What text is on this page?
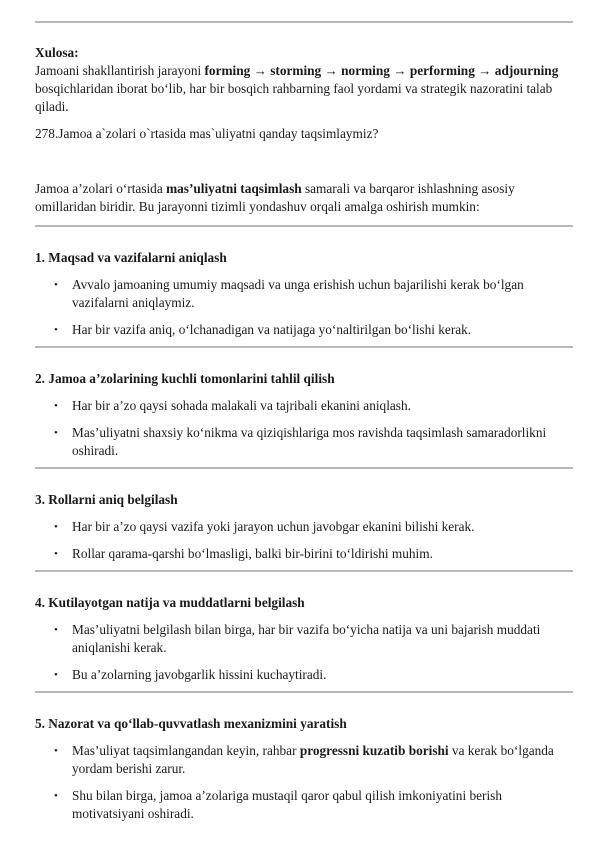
Xulosa:
Jamoani shakllantirish jarayoni forming → storming → norming → performing → adjourning bosqichlaridan iborat bo‘lib, har bir bosqich rahbarning faol yordami va strategik nazoratini talab qiladi.
278.Jamoa a`zolari o`rtasida mas`uliyatni qanday taqsimlaymiz?
Jamoa a’zolari o‘rtasida mas’uliyatni taqsimlash samarali va barqaror ishlashning asosiy omillaridan biridir. Bu jarayonni tizimli yondashuv orqali amalga oshirish mumkin:
1. Maqsad va vazifalarni aniqlash
• Avvalo jamoaning umumiy maqsadi va unga erishish uchun bajarilishi kerak bo‘lgan vazifalarni aniqlaymiz.
• Har bir vazifa aniq, o‘lchanadigan va natijaga yo‘naltirilgan bo‘lishi kerak.
2. Jamoa a’zolarining kuchli tomonlarini tahlil qilish
• Har bir a’zo qaysi sohada malakali va tajribali ekanini aniqlash.
• Mas’uliyatni shaxsiy ko‘nikma va qiziqishlariga mos ravishda taqsimlash samaradorlikni oshiradi.
3. Rollarni aniq belgilash
• Har bir a’zo qaysi vazifa yoki jarayon uchun javobgar ekanini bilishi kerak.
• Rollar qarama-qarshi bo‘lmasligi, balki bir-birini to‘ldirishi muhim.
4. Kutilayotgan natija va muddatlarni belgilash
• Mas’uliyatni belgilash bilan birga, har bir vazifa bo‘yicha natija va uni bajarish muddati aniqlanishi kerak.
• Bu a’zolarning javobgarlik hissini kuchaytiradi.
5. Nazorat va qo‘llab-quvvatlash mexanizmini yaratish
• Mas’uliyat taqsimlangandan keyin, rahbar progressni kuzatib borishi va kerak bo‘lganda yordam berishi zarur.
• Shu bilan birga, jamoa a’zolariga mustaqil qaror qabul qilish imkoniyatini berish motivatsiyani oshiradi.
